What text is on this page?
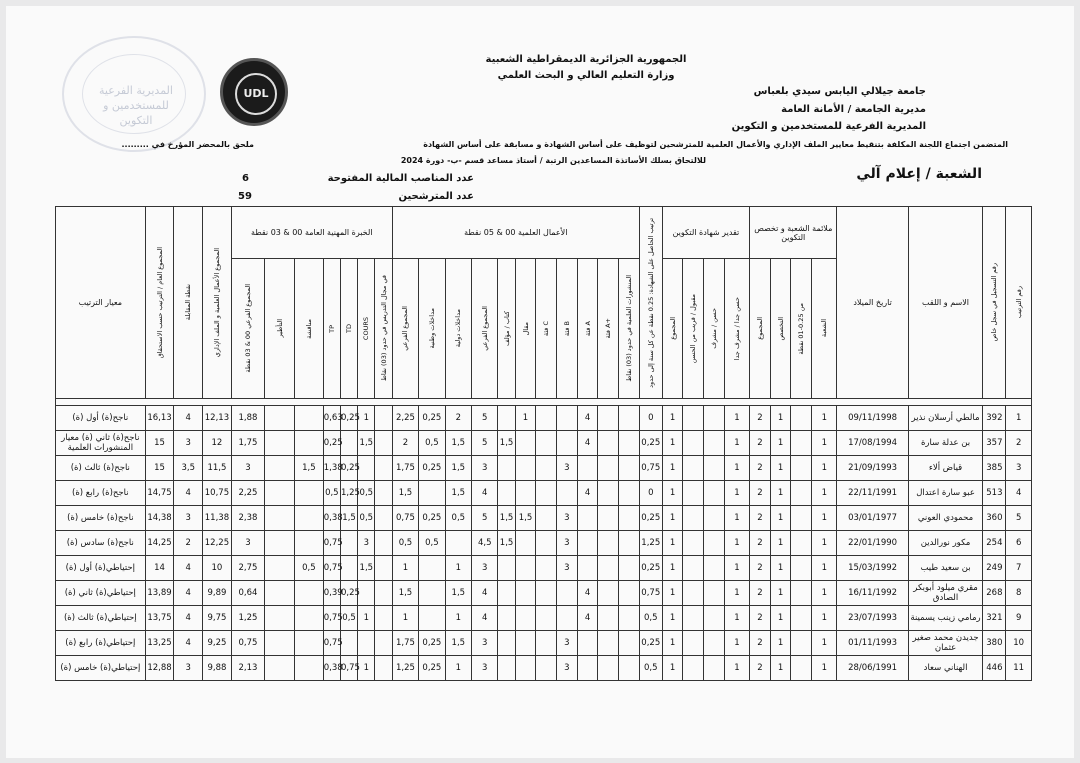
المديرية الفرعية
للمستخدمين و التكوين
UDL
الجمهورية الجزائرية الديمقراطية الشعبية
وزارة التعليم العالي و البحث العلمي
جامعة جيلالي اليابس سيدي بلعباس
مديرية الجامعة / الأمانة العامة
المديرية الفرعية للمستخدمين و التكوين
ملحق بالمحضر المؤرخ في .........	المتضمن اجتماع اللجنة المكلفة بتنقيط معايير الملف الإداري والأعمال العلمية للمترشحين لتوظيف على أساس الشهادة و مسابقة على أساس الشهادة
للالتحاق بسلك الأساتذة المساعدين الرتبة / أستاذ مساعد قسم -ب- دورة 2024
الشعبة / إعلام آلي
عدد المناصب المالية المفتوحة
6
عدد المترشحين
59
معيار الترتيب	المجموع العام / الترتيب حسب الاستحقاق	نقطة المقابلة	المجموع الأعمال العلمية و الملف الإداري	الخبرة المهنية العامة 00 & 03 نقطة							الأعمال العلمية 00 & 05 نقطة											ترتيب الحاصل على الشهادة: 0.25 نقطة عن كل سنة إلى حدود	تقدير شهادة التكوين				ملائمة الشعبة و تخصص التكوين				تاريخ الميلاد	الاسم و اللقب	رقم التسجيل في سجل خاص	رقم الترتيب

				المجموع الفرعي 00 & 03 نقطة	التأطير	مناقشة	TP	TD	COURS	في مجال التدريس في حدود (03) نقاط	المجموع الفرعي	مداخلات وطنية	مداخلات دولية	المجموع الفرعي	كتاب / مؤلف	مقال	فئة C	فئة B	فئة A	فئة A+	المنشورات العلمية في حدود (03) نقاط		المجموع	مقبول / قريب من الحسن	حسن / مشرف	حسن جدا / مشرف جدا	المجموع	التخصص	من 0.25-01 نقطة	الشعبة				

ناجح(ة) أول (ة)	16,13	4	12,13	1,88			0,63	0,25	1		2,25	0,25	2	5		1			4			0	1			1	2	1		1	09/11/1998	مالطي أرسلان نذير	392	1
ناجح(ة) ثاني (ة) معيار المنشورات العلمية	15	3	12	1,75			0,25		1,5		2	0,5	1,5	5	1,5				4			0,25	1			1	2	1		1	17/08/1994	بن عدلة سارة	357	2
ناجح(ة) ثالث (ة)	15	3,5	11,5	3		1,5	1,38	0,25			1,75	0,25	1,5	3				3				0,75	1			1	2	1		1	21/09/1993	قياض ألاء	385	3
ناجح(ة) رابع (ة)	14,75	4	10,75	2,25			0,5	1,25	0,5		1,5		1,5	4					4			0	1			1	2	1		1	22/11/1991	عبو سارة اعتدال	513	4
ناجح(ة) خامس (ة)	14,38	3	11,38	2,38			0,38	1,5	0,5		0,75	0,25	0,5	5	1,5	1,5		3				0,25	1			1	2	1		1	03/01/1977	محمودي العوني	360	5
ناجح(ة) سادس (ة)	14,25	2	12,25	3			0,75		3		0,5	0,5		4,5	1,5			3				1,25	1			1	2	1		1	22/01/1990	مكور نورالدين	254	6
إحتياطي(ة) أول (ة)	14	4	10	2,75		0,5	0,75		1,5		1		1	3				3				0,25	1			1	2	1		1	15/03/1992	بن سعيد طيب	249	7
إحتياطي(ة) ثاني (ة)	13,89	4	9,89	0,64			0,39	0,25			1,5		1,5	4					4			0,75	1			1	2	1		1	16/11/1992	مقري ميلود أبوبكر الصادق	268	8
إحتياطي(ة) ثالث (ة)	13,75	4	9,75	1,25			0,75	0,5	1		1		1	4					4			0,5	1			1	2	1		1	23/07/1993	رمامي زينب يسمينة	321	9
إحتياطي(ة) رابع (ة)	13,25	4	9,25	0,75			0,75				1,75	0,25	1,5	3				3				0,25	1			1	2	1		1	01/11/1993	جديدن محمد صغير عثمان	380	10
إحتياطي(ة) خامس (ة)	12,88	3	9,88	2,13			0,38	0,75	1		1,25	0,25	1	3				3				0,5	1			1	2	1		1	28/06/1991	الهناني سعاد	446	11
